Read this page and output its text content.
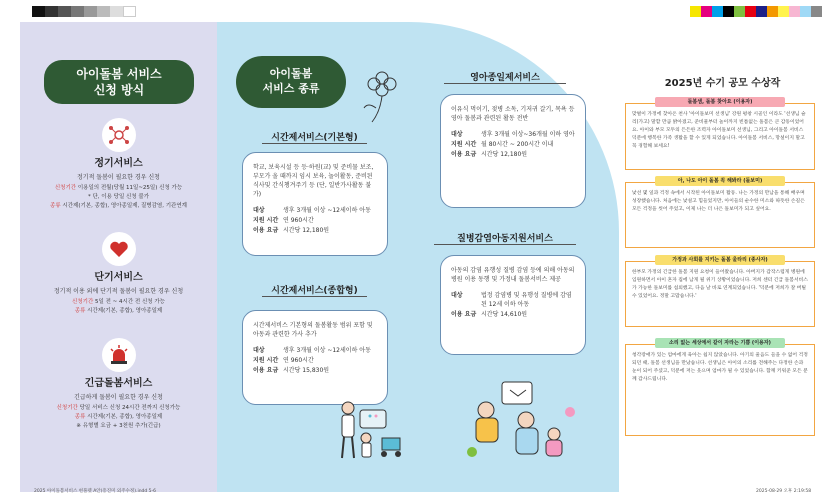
아이돌봄 서비스
신청 방식
정기서비스
정기적 돌봄이 필요한 경우 신청
신청기간 이용일의 전월(당월 11일~25일) 신청 가능
* 단, 이용 당일 신청 불가
종류 시간제(기본, 종합), 영아종일제, 질병감염, 기관연계
단기서비스
정기적 이용 외에 단기적 돌봄이 필요한 경우 신청
신청기간 5일 전 ~ 4시간 전 신청 가능
종류 시간제(기본, 종합), 영아종일제
긴급돌봄서비스
긴급하게 돌봄이 필요한 경우 신청
신청기간 당일 서비스 신청 24시간 전까지 신청가능
종류 시간제(기본, 종합), 영아종일제
※ 유형별 요금 + 3천원 추가(긴급)
아이돌봄
서비스 종류
시간제서비스(기본형)
학교, 보육시설 등 등·하원(교) 및 준비물 보조, 부모가 올 때까지 임시 보육, 놀이활동, 준비된 식사및 간식챙겨주기 등 (단, 일반가사활동 불가)
대상	생후 3개월 이상 ~12세이하 아동
지원 시간 연 960시간
이용 요금 시간당 12,180원
시간제서비스(종합형)
시간제서비스 기본형의 돌봄활동 범위 포함 및 아동과 관련한 가사 추가
대상	생후 3개월 이상 ~12세이하 아동
지원 시간 연 960시간
이용 요금 시간당 15,830원
영아종일제서비스
이유식 먹이기, 젖병 소독, 기저귀 갈기, 목욕 등 영아 돌봄과 관련된 활동 전반
대상	생후 3개월 이상~36개월 이하 영아
지원 시간 월 80시간 ~ 200시간 이내
이용 요금 시간당 12,180원
질병감염아동지원서비스
아동의 감염 유행성 질병 감염 등에 의해 아동의 병원 이용 동행 및 가정내 돌봄서비스 제공
대상	법정 감염병 및 유행성 질병에 감염된 12세 이하 아동
이용 요금 시간당 14,610원
2025년 수기 공모 수상작
맞벌이 가정에 찾아온 천사 '아이돌보미 선생님' 강원 평창 시골인 이라도 '선생님 슬리(가고) 말할 만큼 밝아졌고, 준비물부터 놀이까지 빈틈없는 돌봄은 큰 감동이었어요. 아이와 부모 모두의 든든한 조력자 아이돌보미 선생님, 그리고 아이돌봄 서비스 덕분에 행복한 가족 생활을 할 수 있게 되었습니다. 아이돌봄 서비스, 망설이지 말고 꼭 경험해 보세요!
돌봄샘, 돌봄 찾아요 (이용자)
낯선 몇 일과 걱정 속에서 시작된 아이돌보미 활동. 나는 가정의 만남을 통해 배우며 성장했습니다. 처음에는 낯설고 힘들었지만, 아이들의 순수한 미소와 따뜻한 손길은 모든 걱정을 씻어 주었고, 이제 나는 더 나은 돌보미가 되고 싶어요.
아, 나도 아이 돌봄 꼭 해봐라 (돌보미)
한부모 가정의 긴급한 돌봄 지원 요청이 들어왔습니다. 아버지가 갑작스럽게 병원에 입원하면서 아이 혼자 집에 남게 될 위기 상황이었습니다. 저희 센터 긴급 돌봄서비스가 가능한 돌보미를 섭외했고, 다음 날 바로 연계되었습니다. '덕분에 저희가 잘 버틸 수 있었어요. 정말 고맙습니다.'
가정과 사회를 지키는 돌봄 울타리 (종사자)
청각장애가 있는 엄마에게 육아는 쉽지 않았습니다. 아기의 울음도 들을 수 없어 걱정되던 때, 돌봄 선생님을 만났습니다. 선생님은 아이의 소리를 전해주는 다정한 손과 눈이 되어 주셨고, 덕분에 저는 웃으며 엄마가 될 수 있었습니다. 함께 키워준 모든 분께 감사드립니다.
소리 없는 세상에서 같이 자라는 기쁨 (이용자)
2025 아이돌봄서비스 현풀렛 A안(흥진미 외주수정).indd 5-6	2025-08-29 오후 2:19:58
